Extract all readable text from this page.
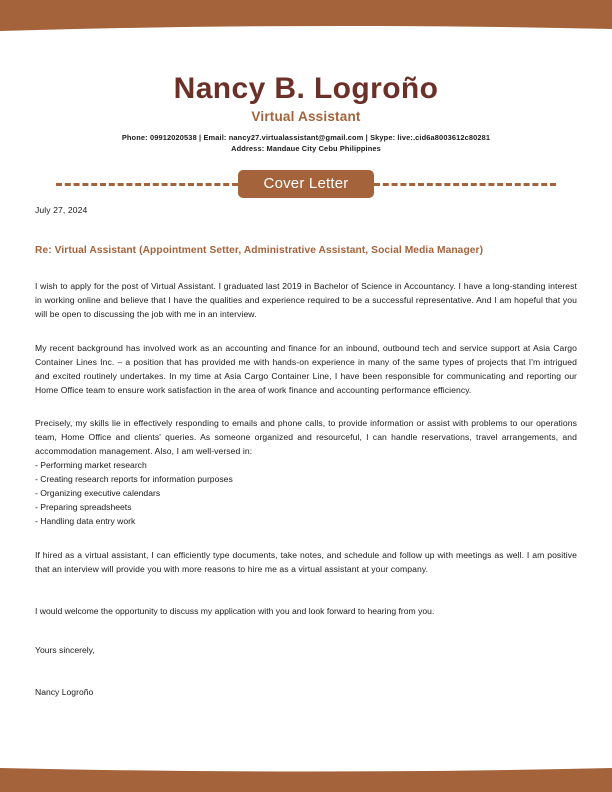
Nancy B. Logroño
Virtual Assistant
Phone: 09912020538 | Email: nancy27.virtualassistant@gmail.com | Skype: live:.cid6a8003612c80281
Address: Mandaue City Cebu Philippines
Cover Letter
July 27, 2024
Re: Virtual Assistant (Appointment Setter, Administrative Assistant, Social Media Manager)

I wish to apply for the post of Virtual Assistant. I graduated last 2019 in Bachelor of Science in Accountancy. I have a long-standing interest in working online and believe that I have the qualities and experience required to be a successful representative. And I am hopeful that you will be open to discussing the job with me in an interview.

My recent background has involved work as an accounting and finance for an inbound, outbound tech and service support at Asia Cargo Container Lines Inc. – a position that has provided me with hands-on experience in many of the same types of projects that I'm intrigued and excited routinely undertakes. In my time at Asia Cargo Container Line, I have been responsible for communicating and reporting our Home Office team to ensure work satisfaction in the area of work finance and accounting performance efficiency.

Precisely, my skills lie in effectively responding to emails and phone calls, to provide information or assist with problems to our operations team, Home Office and clients' queries. As someone organized and resourceful, I can handle reservations, travel arrangements, and accommodation management. Also, I am well-versed in:

- Performing market research
- Creating research reports for information purposes
- Organizing executive calendars
- Preparing spreadsheets
- Handling data entry work

If hired as a virtual assistant, I can efficiently type documents, take notes, and schedule and follow up with meetings as well. I am positive that an interview will provide you with more reasons to hire me as a virtual assistant at your company.

I would welcome the opportunity to discuss my application with you and look forward to hearing from you.
Yours sincerely,
Nancy Logroño
